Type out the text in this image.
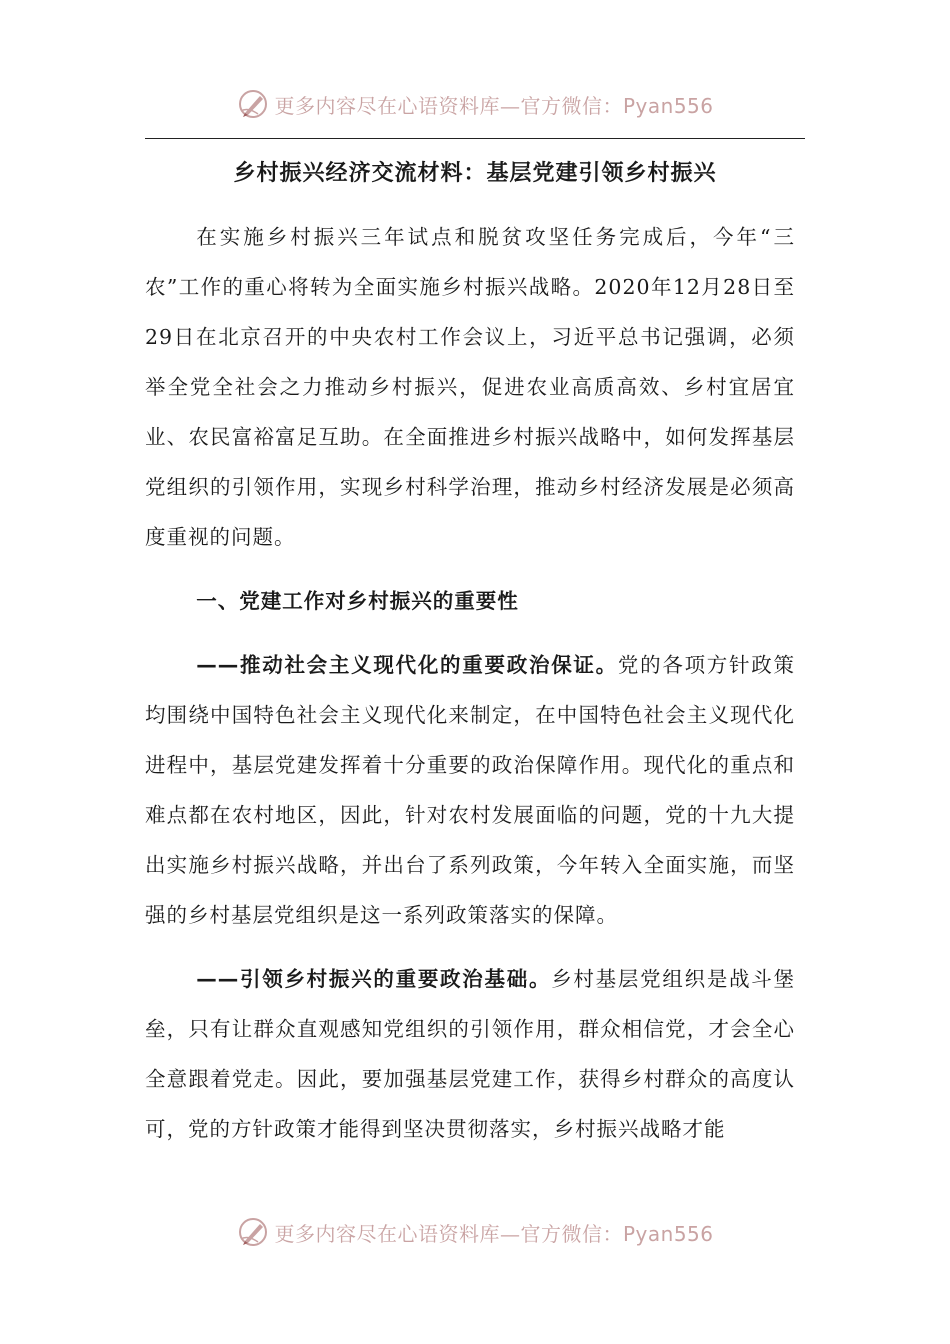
更多内容尽在心语资料库—官方微信：Pyan556
乡村振兴经济交流材料：基层党建引领乡村振兴

在实施乡村振兴三年试点和脱贫攻坚任务完成后，今年“三农”工作的重心将转为全面实施乡村振兴战略。2020年12月28日至29日在北京召开的中央农村工作会议上，习近平总书记强调，必须举全党全社会之力推动乡村振兴，促进农业高质高效、乡村宜居宜业、农民富裕富足互助。在全面推进乡村振兴战略中，如何发挥基层党组织的引领作用，实现乡村科学治理，推动乡村经济发展是必须高度重视的问题。

一、党建工作对乡村振兴的重要性

——推动社会主义现代化的重要政治保证。党的各项方针政策均围绕中国特色社会主义现代化来制定，在中国特色社会主义现代化进程中，基层党建发挥着十分重要的政治保障作用。现代化的重点和难点都在农村地区，因此，针对农村发展面临的问题，党的十九大提出实施乡村振兴战略，并出台了系列政策，今年转入全面实施，而坚强的乡村基层党组织是这一系列政策落实的保障。

——引领乡村振兴的重要政治基础。乡村基层党组织是战斗堡垒，只有让群众直观感知党组织的引领作用，群众相信党，才会全心全意跟着党走。因此，要加强基层党建工作，获得乡村群众的高度认可，党的方针政策才能得到坚决贯彻落实，乡村振兴战略才能

更多内容尽在心语资料库—官方微信：Pyan556
